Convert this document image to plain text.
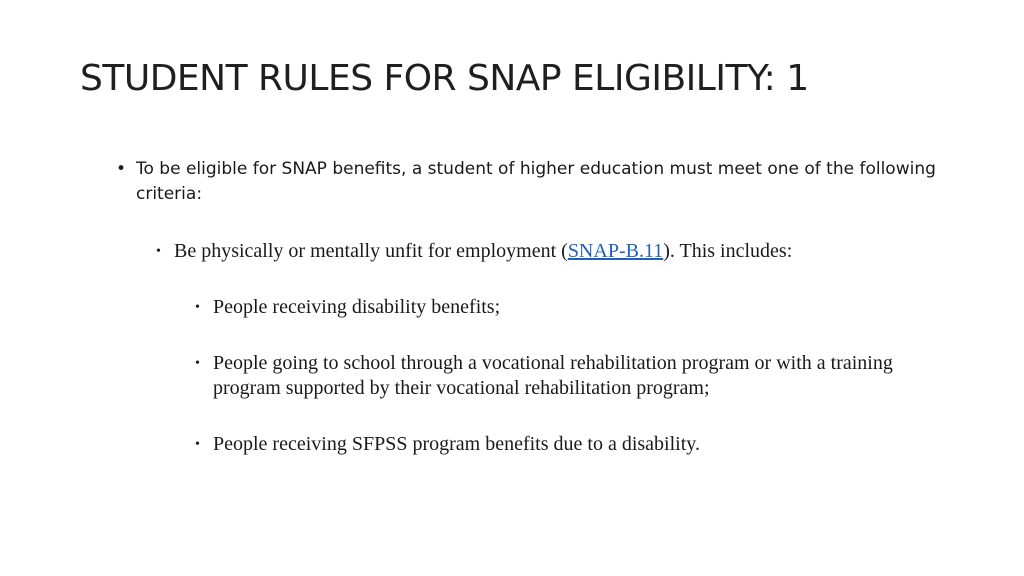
STUDENT RULES FOR SNAP ELIGIBILITY: 1
• To be eligible for SNAP benefits, a student of higher education must meet one of the following criteria:
• Be physically or mentally unfit for employment (SNAP-B.11). This includes:
• People receiving disability benefits;
• People going to school through a vocational rehabilitation program or with a training program supported by their vocational rehabilitation program;
• People receiving SFPSS program benefits due to a disability.
